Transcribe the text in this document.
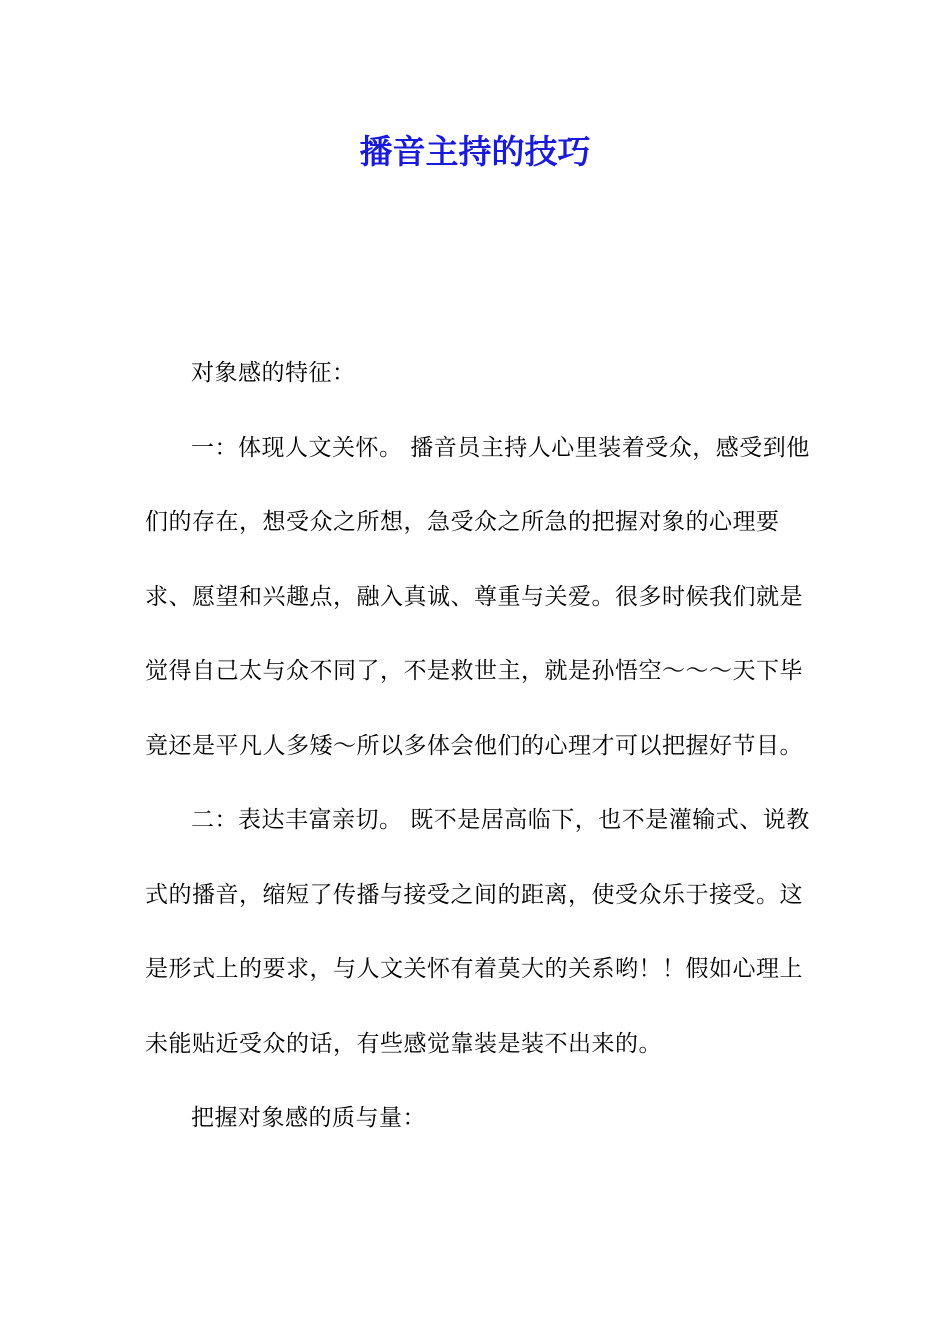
播音主持的技巧

对象感的特征：

一：体现人文关怀。 播音员主持人心里装着受众，感受到他们的存在，想受众之所想，急受众之所急的把握对象的心理要求、愿望和兴趣点，融入真诚、尊重与关爱。很多时候我们就是觉得自己太与众不同了，不是救世主，就是孙悟空～～～天下毕竟还是平凡人多矮～所以多体会他们的心理才可以把握好节目。

二：表达丰富亲切。 既不是居高临下，也不是灌输式、说教式的播音，缩短了传播与接受之间的距离，使受众乐于接受。这是形式上的要求，与人文关怀有着莫大的关系哟！！假如心理上未能贴近受众的话，有些感觉靠装是装不出来的。

把握对象感的质与量：
